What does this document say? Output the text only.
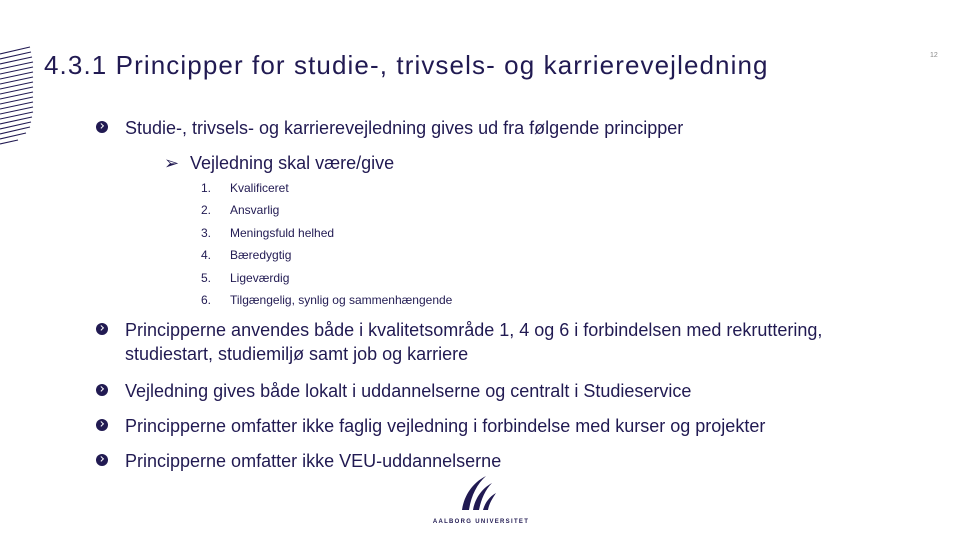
4.3.1 Principper for studie-, trivsels- og karrierevejledning	12
Studie-, trivsels- og karrierevejledning gives ud fra følgende principper
➢ Vejledning skal være/give
1.	Kvalificeret
2.	Ansvarlig
3.	Meningsfuld helhed
4.	Bæredygtig
5.	Ligeværdig
6.	Tilgængelig, synlig og sammenhængende
Principperne anvendes både i kvalitetsområde 1, 4 og 6 i forbindelsen med rekruttering, studiestart, studiemiljø samt job og karriere
Vejledning gives både lokalt i uddannelserne og centralt i Studieservice
Principperne omfatter ikke faglig vejledning i forbindelse med kurser og projekter
Principperne omfatter ikke VEU-uddannelserne
AALBORG UNIVERSITET
